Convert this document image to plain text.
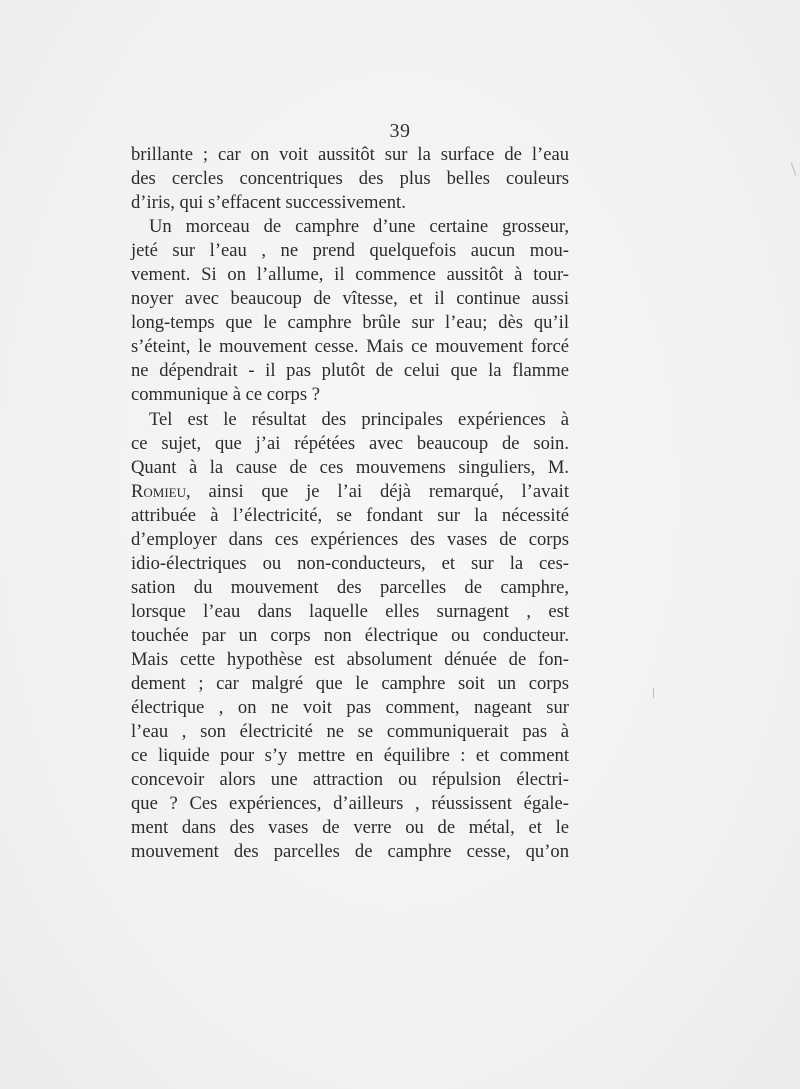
39
brillante ; car on voit aussitôt sur la surface de l’eau
des cercles concentriques des plus belles couleurs
d’iris, qui s’effacent successivement.
Un morceau de camphre d’une certaine grosseur,
jeté sur l’eau , ne prend quelquefois aucun mou-
vement. Si on l’allume, il commence aussitôt à tour-
noyer avec beaucoup de vîtesse, et il continue aussi
long-temps que le camphre brûle sur l’eau; dès qu’il
s’éteint, le mouvement cesse. Mais ce mouvement forcé
ne dépendrait - il pas plutôt de celui que la flamme
communique à ce corps ?
Tel est le résultat des principales expériences à
ce sujet, que j’ai répétées avec beaucoup de soin.
Quant à la cause de ces mouvemens singuliers, M.
Romieu, ainsi que je l’ai déjà remarqué, l’avait
attribuée à l’électricité, se fondant sur la nécessité
d’employer dans ces expériences des vases de corps
idio-électriques ou non-conducteurs, et sur la ces-
sation du mouvement des parcelles de camphre,
lorsque l’eau dans laquelle elles surnagent , est
touchée par un corps non électrique ou conducteur.
Mais cette hypothèse est absolument dénuée de fon-
dement ; car malgré que le camphre soit un corps
électrique , on ne voit pas comment, nageant sur
l’eau , son électricité ne se communiquerait pas à
ce liquide pour s’y mettre en équilibre : et comment
concevoir alors une attraction ou répulsion électri-
que ? Ces expériences, d’ailleurs , réussissent égale-
ment dans des vases de verre ou de métal, et le
mouvement des parcelles de camphre cesse, qu’on
